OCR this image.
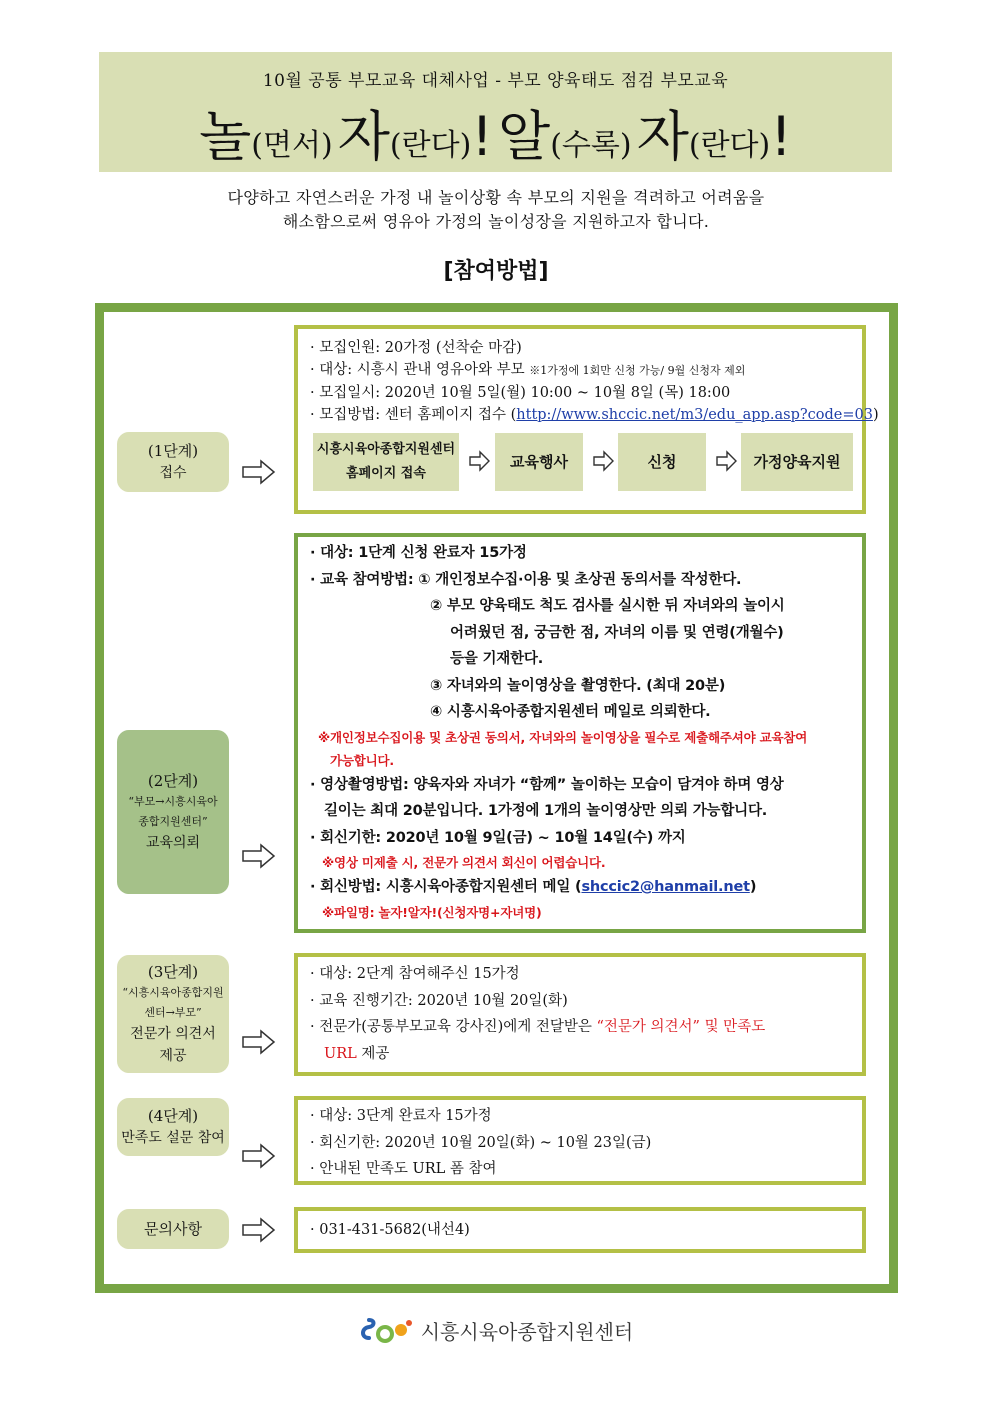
10월 공통 부모교육 대체사업 - 부모 양육태도 점검 부모교육
놀(면서) 자(란다)! 알(수록) 자(란다)!
다양하고 자연스러운 가정 내 놀이상황 속 부모의 지원을 격려하고 어려움을
해소함으로써 영유아 가정의 놀이성장을 지원하고자 합니다.
[참여방법]
(1단계)
접수
· 모집인원: 20가정 (선착순 마감)
· 대상: 시흥시 관내 영유아와 부모 ※1가정에 1회만 신청 가능/ 9월 신청자 제외
· 모집일시: 2020년 10월 5일(월) 10:00 ~ 10월 8일 (목) 18:00
· 모집방법: 센터 홈페이지 접수 (http://www.shccic.net/m3/edu_app.asp?code=03)
시흥시육아종합지원센터
홈페이지 접속
교육행사	신청	가정양육지원
(2단계)
“부모→시흥시육아
종합지원센터”
교육의뢰
· 대상: 1단계 신청 완료자 15가정
· 교육 참여방법: ① 개인정보수집·이용 및 초상권 동의서를 작성한다.
② 부모 양육태도 척도 검사를 실시한 뒤 자녀와의 놀이시
어려웠던 점, 궁금한 점, 자녀의 이름 및 연령(개월수)
등을 기재한다.
③ 자녀와의 놀이영상을 촬영한다. (최대 20분)
④ 시흥시육아종합지원센터 메일로 의뢰한다.
※개인정보수집이용 및 초상권 동의서, 자녀와의 놀이영상을 필수로 제출해주셔야 교육참여
가능합니다.
· 영상촬영방법: 양육자와 자녀가 “함께” 놀이하는 모습이 담겨야 하며 영상
길이는 최대 20분입니다. 1가정에 1개의 놀이영상만 의뢰 가능합니다.
· 회신기한: 2020년 10월 9일(금) ~ 10월 14일(수) 까지
※영상 미제출 시, 전문가 의견서 회신이 어렵습니다.
· 회신방법: 시흥시육아종합지원센터 메일 (shccic2@hanmail.net)
※파일명: 놀자!알자!(신청자명+자녀명)
(3단계)
“시흥시육아종합지원
센터→부모”
전문가 의견서
제공
· 대상: 2단계 참여해주신 15가정
· 교육 진행기간: 2020년 10월 20일(화)
· 전문가(공통부모교육 강사진)에게 전달받은 “전문가 의견서” 및 만족도
URL 제공
(4단계)
만족도 설문 참여
· 대상: 3단계 완료자 15가정
· 회신기한: 2020년 10월 20일(화) ~ 10월 23일(금)
· 안내된 만족도 URL 폼 참여
문의사항	· 031-431-5682(내선4)
시흥시육아종합지원센터
